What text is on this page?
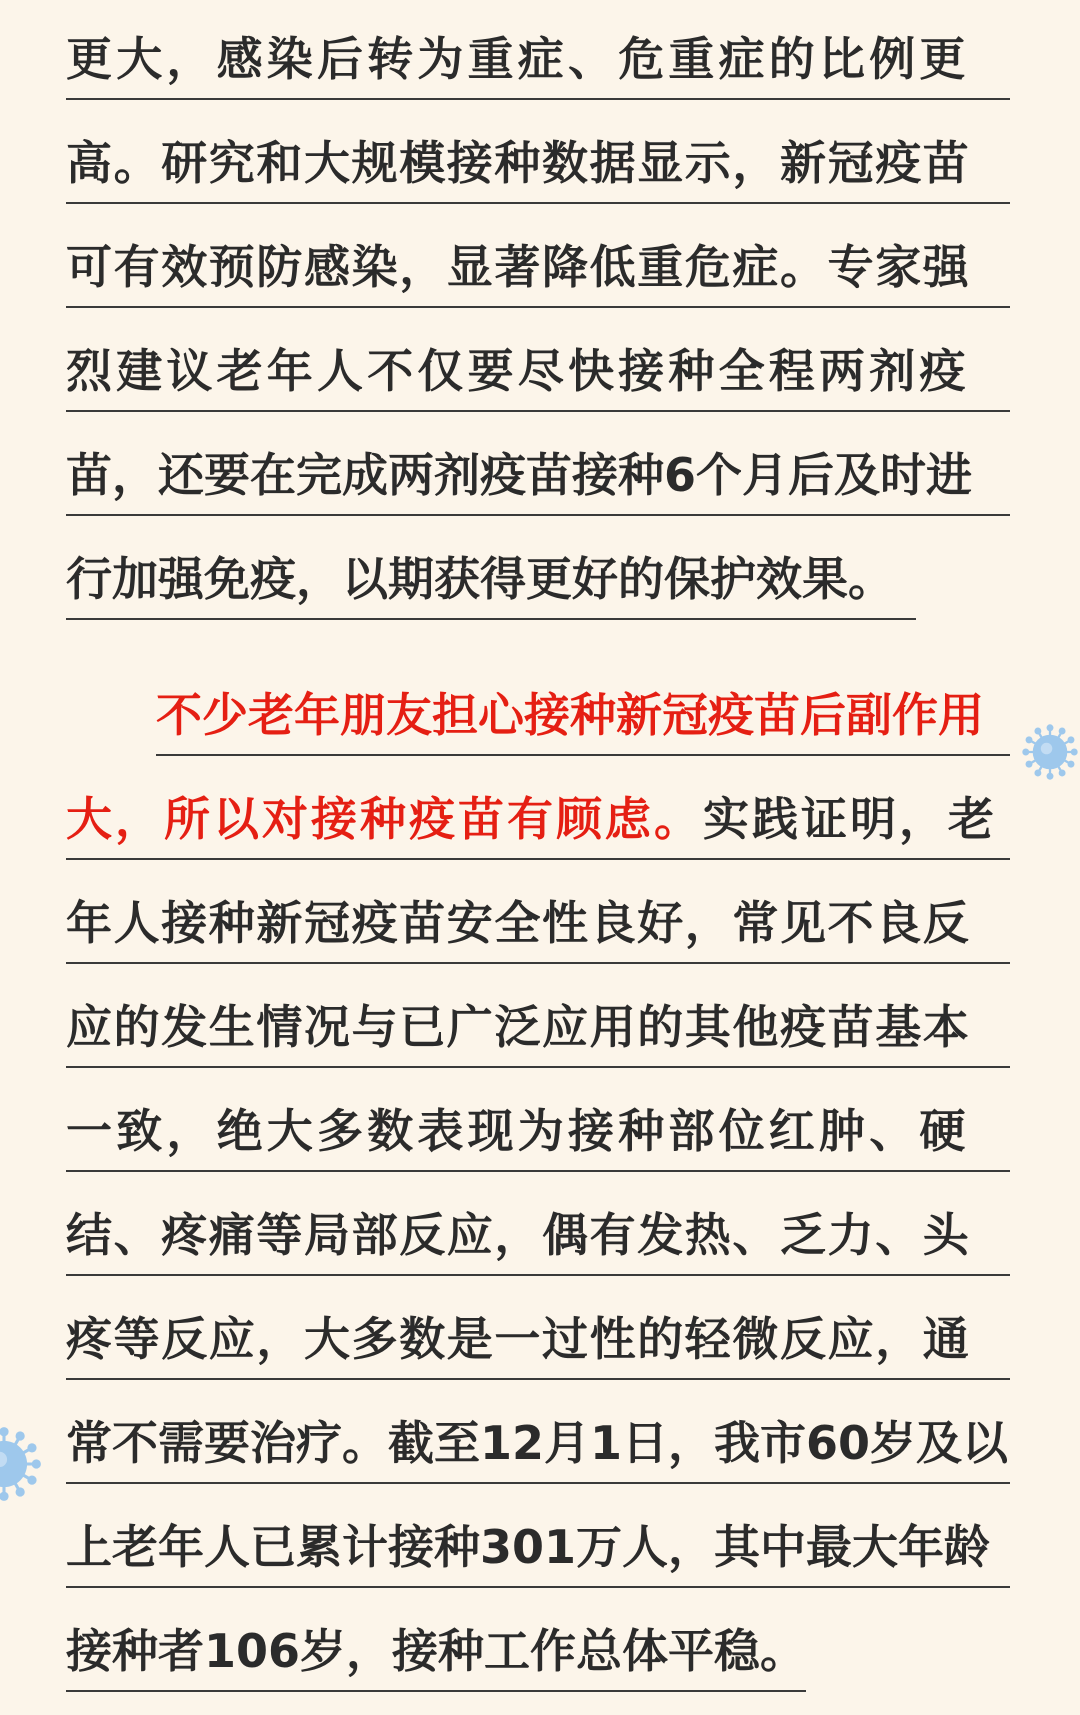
更大，感染后转为重症、危重症的比例更
高。研究和大规模接种数据显示，新冠疫苗
可有效预防感染，显著降低重危症。专家强
烈建议老年人不仅要尽快接种全程两剂疫
苗，还要在完成两剂疫苗接种6个月后及时进
行加强免疫，以期获得更好的保护效果。
不少老年朋友担心接种新冠疫苗后副作用
大，所以对接种疫苗有顾虑。实践证明，老
年人接种新冠疫苗安全性良好，常见不良反
应的发生情况与已广泛应用的其他疫苗基本
一致，绝大多数表现为接种部位红肿、硬
结、疼痛等局部反应，偶有发热、乏力、头
疼等反应，大多数是一过性的轻微反应，通
常不需要治疗。截至12月1日，我市60岁及以
上老年人已累计接种301万人，其中最大年龄
接种者106岁，接种工作总体平稳。
